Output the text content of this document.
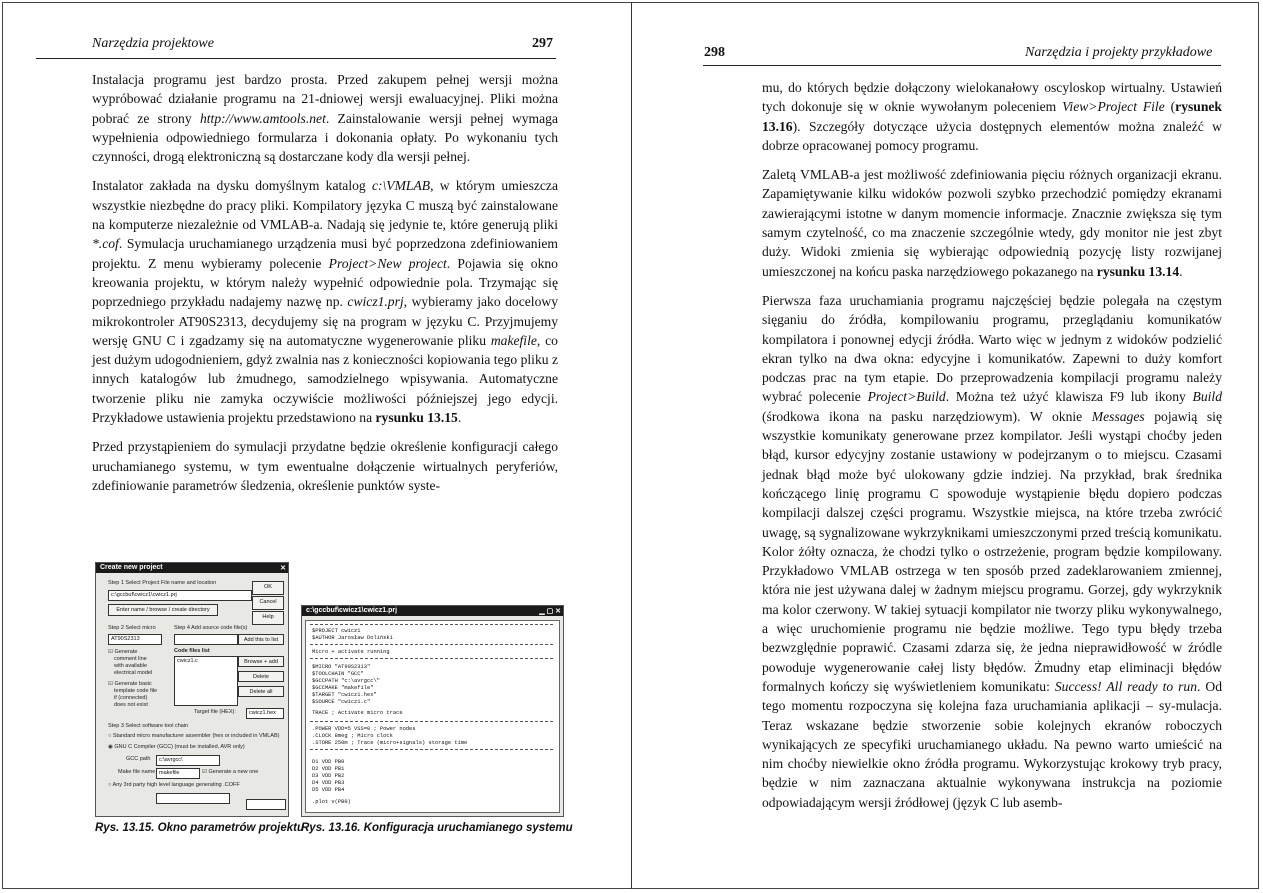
Narzędzia projektowe	297

Instalacja programu jest bardzo prosta. Przed zakupem pełnej wersji można wypróbować działanie programu na 21-dniowej wersji ewaluacyjnej. Pliki można pobrać ze strony http://www.amtools.net. Zainstalowanie wersji pełnej wymaga wypełnienia odpowiedniego formularza i dokonania opłaty. Po wykonaniu tych czynności, drogą elektroniczną są dostarczane kody dla wersji pełnej.

Instalator zakłada na dysku domyślnym katalog c:\VMLAB, w którym umieszcza wszystkie niezbędne do pracy pliki. Kompilatory języka C muszą być zainstalowane na komputerze niezależnie od VMLAB-a. Nadają się jedynie te, które generują pliki *.cof. Symulacja uruchamianego urządzenia musi być poprzedzona zdefiniowaniem projektu. Z menu wybieramy polecenie Project>New project. Pojawia się okno kreowania projektu, w którym należy wypełnić odpowiednie pola. Trzymając się poprzedniego przykładu nadajemy nazwę np. cwicz1.prj, wybieramy jako docelowy mikrokontroler AT90S2313, decydujemy się na program w języku C. Przyjmujemy wersję GNU C i zgadzamy się na automatyczne wygenerowanie pliku makefile, co jest dużym udogodnieniem, gdyż zwalnia nas z konieczności kopiowania tego pliku z innych katalogów lub żmudnego, samodzielnego wpisywania. Automatyczne tworzenie pliku nie zamyka oczywiście możliwości późniejszej jego edycji. Przykładowe ustawienia projektu przedstawiono na rysunku 13.15.

Przed przystąpieniem do symulacji przydatne będzie określenie konfiguracji całego uruchamianego systemu, w tym ewentualne dołączenie wirtualnych peryferiów, zdefiniowanie parametrów śledzenia, określenie punktów syste-

Create new project	✕
Step 1 Select Project File name and location
c:\gccbuf\cwicz1\cwicz1.prj
Enter name / browse / create directory
OK
Cancel
Help
Step 2 Select micro
AT90S2313
Step 4 Add source code file(s)
Add this to list
☑ Generate
comment line
with available
electrical model
Code files list
cwicz1.c	Browse + add
Delete
Delete all
☑ Generate basic
template code file
if (connected)
does not exist
Target file (HEX):	cwicz1.hex
Step 3 Select software tool chain
○ Standard micro manufacturer assembler (hex or included in VMLAB)
◉ GNU C Compiler (GCC) (must be installed, AVR only)
GCC path	c:\avrgcc\
Make file name makefile	☑ Generate a new one
○ Any 3rd party high level language generating .COFF
c:\gccbuf\cwicz1\cwicz1.prj	▁ ▢ ✕
$PROJECT cwicz1
$AUTHOR Jarosław Doliński
Micro + activate running
$MICRO "AT90S2313"
$TOOLCHAIN "GCC"
$GCCPATH "c:\avrgcc\"
$GCCMAKE "makefile"
$TARGET "cwicz1.hex"
$SOURCE "cwicz1.c"
TRACE ; Activate micro trace
.POWER VDD=5 VSS=0 ; Power nodes
.CLOCK 8meg ; Micro clock
.STORE 250m ; Trace (micro+signals) storage time
D1 VDD PB0
D2 VDD PB1
D3 VDD PB2
D4 VDD PB3
D5 VDD PB4
.plot v(PB0)
Rys. 13.15. Okno parametrów projektu
Rys. 13.16. Konfiguracja uruchamianego systemu
298	Narzędzia i projekty przykładowe

mu, do których będzie dołączony wielokanałowy oscyloskop wirtualny. Ustawień tych dokonuje się w oknie wywołanym poleceniem View>Project File (rysunek 13.16). Szczegóły dotyczące użycia dostępnych elementów można znaleźć w dobrze opracowanej pomocy programu.

Zaletą VMLAB-a jest możliwość zdefiniowania pięciu różnych organizacji ekranu. Zapamiętywanie kilku widoków pozwoli szybko przechodzić pomiędzy ekranami zawierającymi istotne w danym momencie informacje. Znacznie zwiększa się tym samym czytelność, co ma znaczenie szczególnie wtedy, gdy monitor nie jest zbyt duży. Widoki zmienia się wybierając odpowiednią pozycję listy rozwijanej umieszczonej na końcu paska narzędziowego pokazanego na rysunku 13.14.

Pierwsza faza uruchamiania programu najczęściej będzie polegała na częstym sięganiu do źródła, kompilowaniu programu, przeglądaniu komunikatów kompilatora i ponownej edycji źródła. Warto więc w jednym z widoków podzielić ekran tylko na dwa okna: edycyjne i komunikatów. Zapewni to duży komfort podczas prac na tym etapie. Do przeprowadzenia kompilacji programu należy wybrać polecenie Project>Build. Można też użyć klawisza F9 lub ikony Build (środkowa ikona na pasku narzędziowym). W oknie Messages pojawią się wszystkie komunikaty generowane przez kompilator. Jeśli wystąpi choćby jeden błąd, kursor edycyjny zostanie ustawiony w podejrzanym o to miejscu. Czasami jednak błąd może być ulokowany gdzie indziej. Na przykład, brak średnika kończącego linię programu C spowoduje wystąpienie błędu dopiero podczas kompilacji dalszej części programu. Wszystkie miejsca, na które trzeba zwrócić uwagę, są sygnalizowane wykrzyknikami umieszczonymi przed treścią komunikatu. Kolor żółty oznacza, że chodzi tylko o ostrzeżenie, program będzie kompilowany. Przykładowo VMLAB ostrzega w ten sposób przed zadeklarowaniem zmiennej, która nie jest używana dalej w żadnym miejscu programu. Gorzej, gdy wykrzyknik ma kolor czerwony. W takiej sytuacji kompilator nie tworzy pliku wykonywalnego, a więc uruchomienie programu nie będzie możliwe. Tego typu błędy trzeba bezwzględnie poprawić. Czasami zdarza się, że jedna nieprawidłowość w źródle powoduje wygenerowanie całej listy błędów. Żmudny etap eliminacji błędów formalnych kończy się wyświetleniem komunikatu: Success! All ready to run. Od tego momentu rozpoczyna się kolejna faza uruchamiania aplikacji – sy-mulacja. Teraz wskazane będzie stworzenie sobie kolejnych ekranów roboczych wynikających ze specyfiki uruchamianego układu. Na pewno warto umieścić na nim choćby niewielkie okno źródła programu. Wykorzystując krokowy tryb pracy, będzie w nim zaznaczana aktualnie wykonywana instrukcja na poziomie odpowiadającym wersji źródłowej (język C lub asemb-
